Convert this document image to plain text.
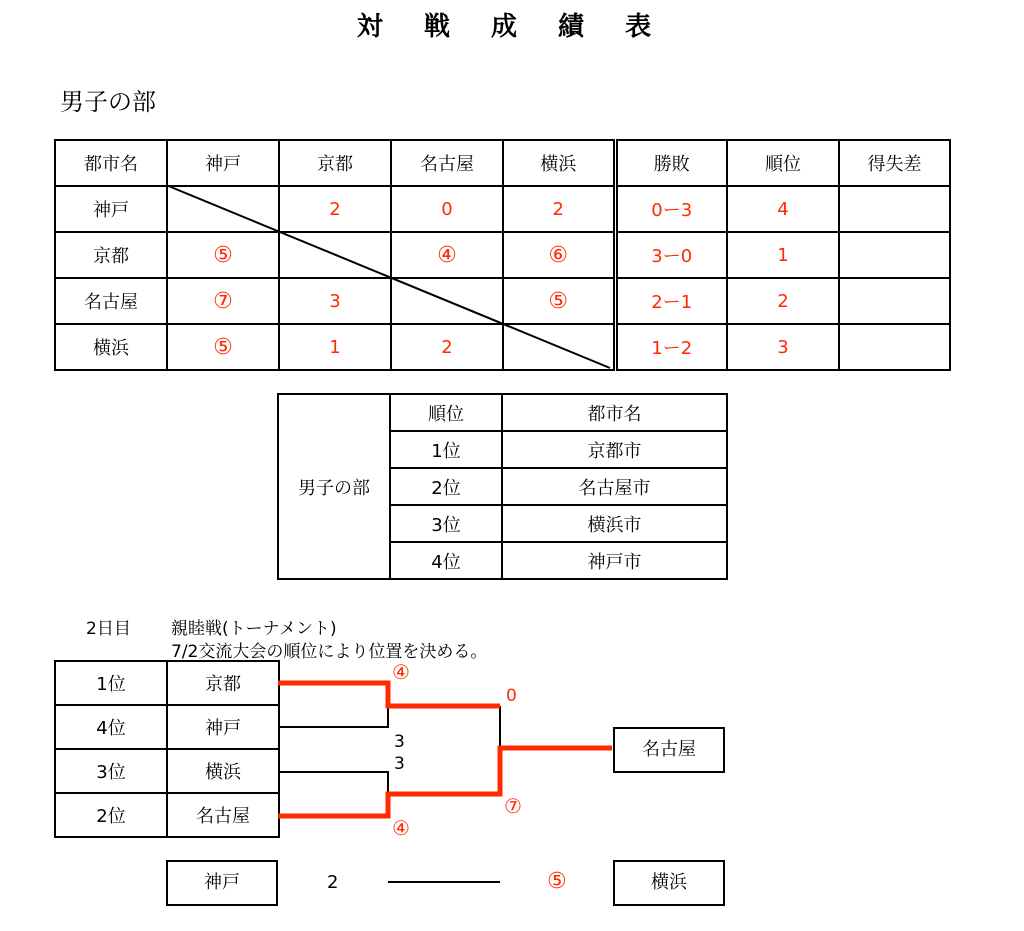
対 戦 成 績 表
男子の部
都市名	神戸	京都	名古屋	横浜	勝敗	順位	得失差
神戸		2	0	2	0ー3	4	
京都	⑤		④	⑥	3ー0	1	
名古屋	⑦	3		⑤	2ー1	2	
横浜	⑤	1	2		1ー2	3	
男子の部	順位	都市名
	1位	京都市
	2位	名古屋市
	3位	横浜市
	4位	神戸市
2日目 親睦戦(トーナメント)
7/2交流大会の順位により位置を決める。
1位	京都
4位	神戸
3位	横浜
2位	名古屋
④
3
3
④
0
⑦
名古屋
神戸	2	⑤	横浜
